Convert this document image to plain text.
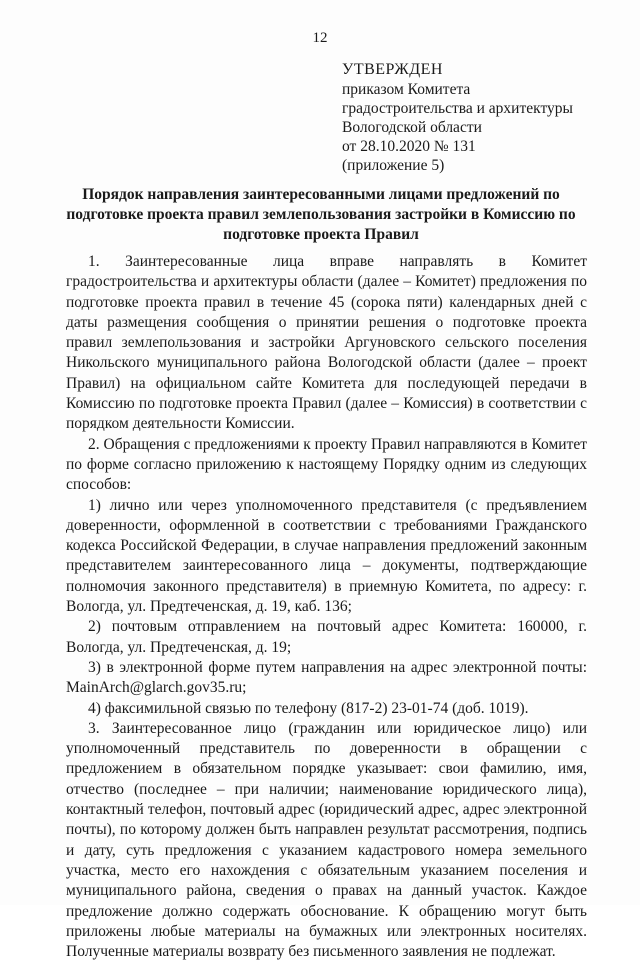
12
УТВЕРЖДЕН
приказом Комитета
градостроительства и архитектуры
Вологодской области
от 28.10.2020 № 131
(приложение 5)
Порядок направления заинтересованными лицами предложений по
подготовке проекта правил землепользования застройки в Комиссию по
подготовке проекта Правил

1. Заинтересованные лица вправе направлять в Комитет градостроительства и архитектуры области (далее – Комитет) предложения по подготовке проекта правил в течение 45 (сорока пяти) календарных дней с даты размещения сообщения о принятии решения о подготовке проекта правил землепользования и застройки Аргуновского сельского поселения Никольского муниципального района Вологодской области (далее – проект Правил) на официальном сайте Комитета для последующей передачи в Комиссию по подготовке проекта Правил (далее – Комиссия) в соответствии с порядком деятельности Комиссии.

2. Обращения с предложениями к проекту Правил направляются в Комитет по форме согласно приложению к настоящему Порядку одним из следующих способов:

1) лично или через уполномоченного представителя (с предъявлением доверенности, оформленной в соответствии с требованиями Гражданского кодекса Российской Федерации, в случае направления предложений законным представителем заинтересованного лица – документы, подтверждающие полномочия законного представителя) в приемную Комитета, по адресу: г. Вологда, ул. Предтеченская, д. 19, каб. 136;

2) почтовым отправлением на почтовый адрес Комитета: 160000, г. Вологда, ул. Предтеченская, д. 19;

3) в электронной форме путем направления на адрес электронной почты: MainArch@glarch.gov35.ru;

4) факсимильной связью по телефону (817-2) 23-01-74 (доб. 1019).

3. Заинтересованное лицо (гражданин или юридическое лицо) или уполномоченный представитель по доверенности в обращении с предложением в обязательном порядке указывает: свои фамилию, имя, отчество (последнее – при наличии; наименование юридического лица), контактный телефон, почтовый адрес (юридический адрес, адрес электронной почты), по которому должен быть направлен результат рассмотрения, подпись и дату, суть предложения с указанием кадастрового номера земельного участка, место его нахождения с обязательным указанием поселения и муниципального района, сведения о правах на данный участок. Каждое предложение должно содержать обоснование. К обращению могут быть приложены любые материалы на бумажных или электронных носителях. Полученные материалы возврату без письменного заявления не подлежат.
